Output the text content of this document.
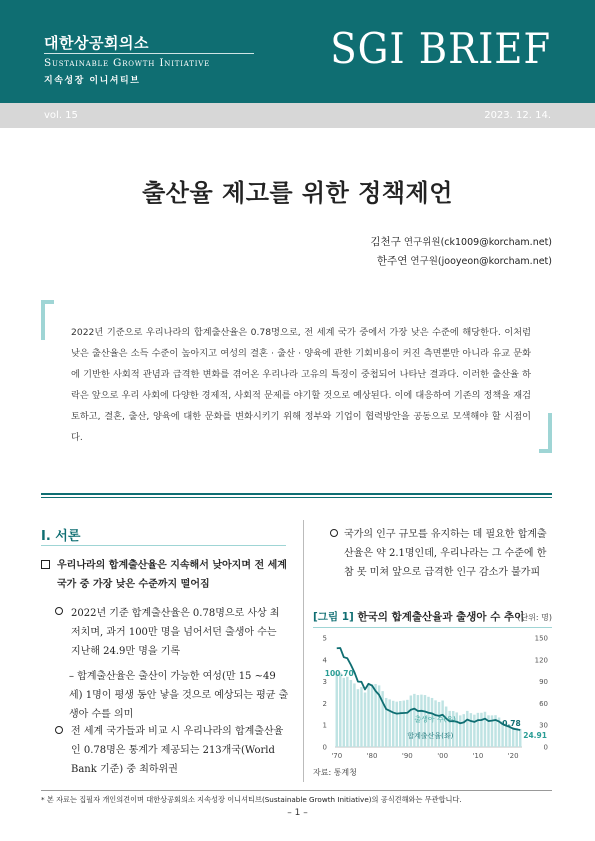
대한상공회의소
Sustainable Growth Initiative
지속성장 이니셔티브
SGI BRIEF
vol. 15	2023. 12. 14.
출산율 제고를 위한 정책제언
김천구 연구위원(ck1009@korcham.net)
한주연 연구원(jooyeon@korcham.net)

2022년 기준으로 우리나라의 합계출산율은 0.78명으로, 전 세계 국가 중에서 가장 낮은 수준에 해당한다. 이처럼 낮은 출산율은 소득 수준이 높아지고 여성의 결혼 · 출산 · 양육에 관한 기회비용이 커진 측면뿐만 아니라 유교 문화에 기반한 사회적 관념과 급격한 변화를 겪어온 우리나라 고유의 특징이 중첩되어 나타난 결과다. 이러한 출산율 하락은 앞으로 우리 사회에 다양한 경제적, 사회적 문제를 야기할 것으로 예상된다. 이에 대응하여 기존의 정책을 재검토하고, 결혼, 출산, 양육에 대한 문화를 변화시키기 위해 정부와 기업이 협력방안을 공동으로 모색해야 할 시점이다.

Ⅰ. 서론

우리나라의 합계출산율은 지속해서 낮아지며 전 세계 국가 중 가장 낮은 수준까지 떨어짐

2022년 기준 합계출산율은 0.78명으로 사상 최저치며, 과거 100만 명을 넘어서던 출생아 수는 지난해 24.9만 명을 기록

– 합계출산율은 출산이 가능한 여성(만 15 ~49세) 1명이 평생 동안 낳을 것으로 예상되는 평균 출생아 수를 의미

전 세계 국가들과 비교 시 우리나라의 합계출산율인 0.78명은 통계가 제공되는 213개국(World Bank 기준) 중 최하위권

국가의 인구 규모를 유지하는 데 필요한 합계출산율은 약 2.1명인데, 우리나라는 그 수준에 한참 못 미쳐 앞으로 급격한 인구 감소가 불가피

[그림 1] 한국의 합계출산율과 출생아 수 추이
(단위: 명)
0
1
2
3
4
5
0
30
60
90
120
150
'70	'80	'90	'00	'10	'20
출생아 수(우)
합계출산율(좌)
100.70
0.78
24.91
자료: 통계청
* 본 자료는 집필자 개인의견이며 대한상공회의소 지속성장 이니셔티브(Sustainable Growth Initiative)의 공식견해와는 무관합니다.
– 1 –
